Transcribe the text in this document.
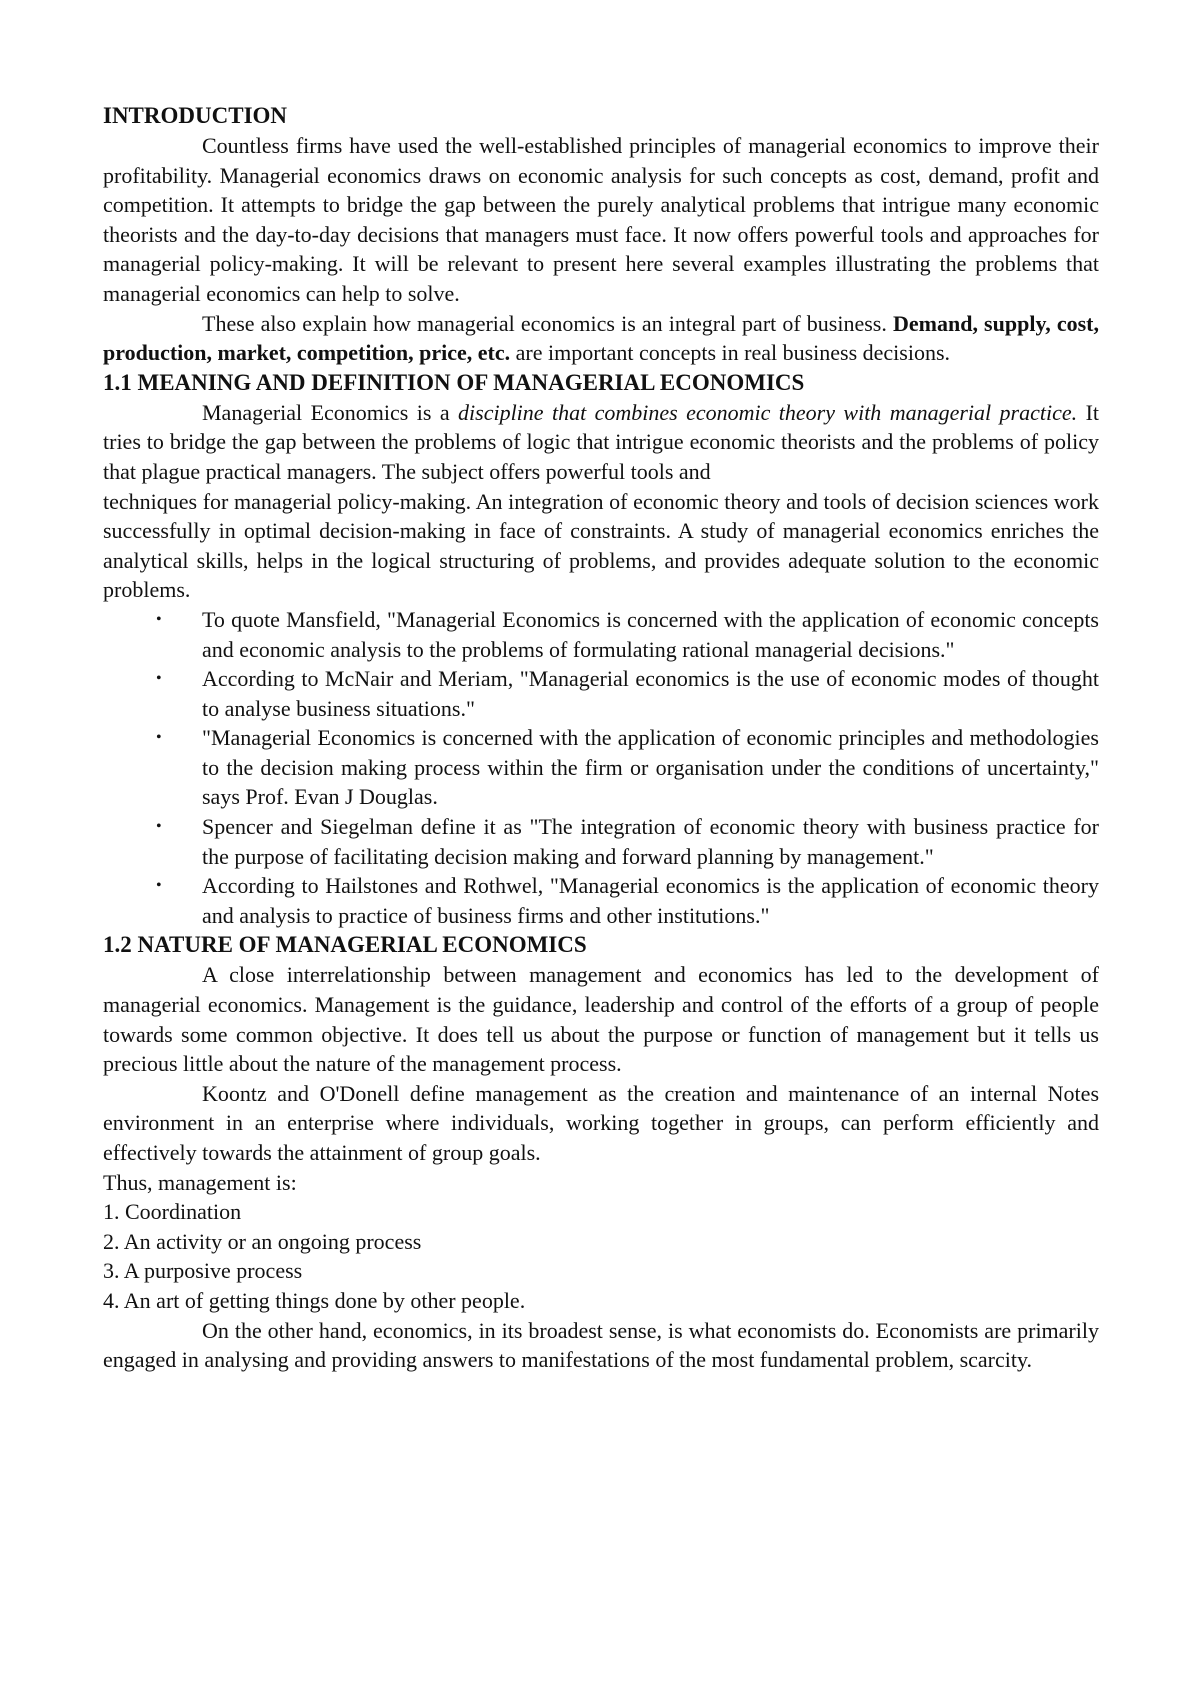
INTRODUCTION

Countless firms have used the well-established principles of managerial economics to improve their profitability. Managerial economics draws on economic analysis for such concepts as cost, demand, profit and competition. It attempts to bridge the gap between the purely analytical problems that intrigue many economic theorists and the day-to-day decisions that managers must face. It now offers powerful tools and approaches for managerial policy-making. It will be relevant to present here several examples illustrating the problems that managerial economics can help to solve.

These also explain how managerial economics is an integral part of business. Demand, supply, cost, production, market, competition, price, etc. are important concepts in real business decisions.

1.1 MEANING AND DEFINITION OF MANAGERIAL ECONOMICS

Managerial Economics is a discipline that combines economic theory with managerial practice. It tries to bridge the gap between the problems of logic that intrigue economic theorists and the problems of policy that plague practical managers. The subject offers powerful tools and

techniques for managerial policy-making. An integration of economic theory and tools of decision sciences work successfully in optimal decision-making in face of constraints. A study of managerial economics enriches the analytical skills, helps in the logical structuring of problems, and provides adequate solution to the economic problems.

• To quote Mansfield, "Managerial Economics is concerned with the application of economic concepts and economic analysis to the problems of formulating rational managerial decisions."
• According to McNair and Meriam, "Managerial economics is the use of economic modes of thought to analyse business situations."
• "Managerial Economics is concerned with the application of economic principles and methodologies to the decision making process within the firm or organisation under the conditions of uncertainty," says Prof. Evan J Douglas.
• Spencer and Siegelman define it as "The integration of economic theory with business practice for the purpose of facilitating decision making and forward planning by management."
• According to Hailstones and Rothwel, "Managerial economics is the application of economic theory and analysis to practice of business firms and other institutions."
1.2 NATURE OF MANAGERIAL ECONOMICS

A close interrelationship between management and economics has led to the development of managerial economics. Management is the guidance, leadership and control of the efforts of a group of people towards some common objective. It does tell us about the purpose or function of management but it tells us precious little about the nature of the management process.

Koontz and O'Donell define management as the creation and maintenance of an internal Notes environment in an enterprise where individuals, working together in groups, can perform efficiently and effectively towards the attainment of group goals.

Thus, management is:

1. Coordination

2. An activity or an ongoing process

3. A purposive process

4. An art of getting things done by other people.

On the other hand, economics, in its broadest sense, is what economists do. Economists are primarily engaged in analysing and providing answers to manifestations of the most fundamental problem, scarcity.
